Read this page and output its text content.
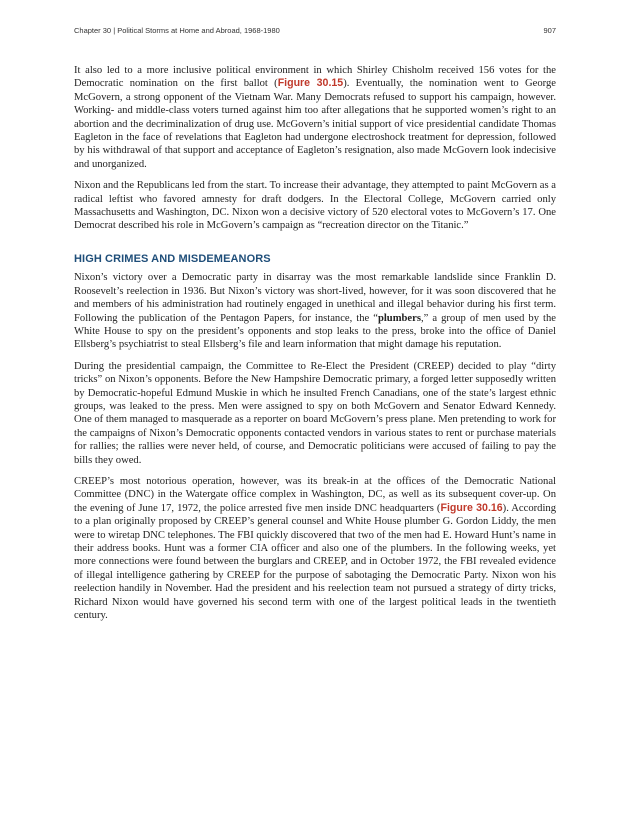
Chapter 30 | Political Storms at Home and Abroad, 1968-1980	907

It also led to a more inclusive political environment in which Shirley Chisholm received 156 votes for the Democratic nomination on the first ballot (Figure 30.15). Eventually, the nomination went to George McGovern, a strong opponent of the Vietnam War. Many Democrats refused to support his campaign, however. Working- and middle-class voters turned against him too after allegations that he supported women’s right to an abortion and the decriminalization of drug use. McGovern’s initial support of vice presidential candidate Thomas Eagleton in the face of revelations that Eagleton had undergone electroshock treatment for depression, followed by his withdrawal of that support and acceptance of Eagleton’s resignation, also made McGovern look indecisive and unorganized.

Nixon and the Republicans led from the start. To increase their advantage, they attempted to paint McGovern as a radical leftist who favored amnesty for draft dodgers. In the Electoral College, McGovern carried only Massachusetts and Washington, DC. Nixon won a decisive victory of 520 electoral votes to McGovern’s 17. One Democrat described his role in McGovern’s campaign as “recreation director on the Titanic.”

HIGH CRIMES AND MISDEMEANORS

Nixon’s victory over a Democratic party in disarray was the most remarkable landslide since Franklin D. Roosevelt’s reelection in 1936. But Nixon’s victory was short-lived, however, for it was soon discovered that he and members of his administration had routinely engaged in unethical and illegal behavior during his first term. Following the publication of the Pentagon Papers, for instance, the “plumbers,” a group of men used by the White House to spy on the president’s opponents and stop leaks to the press, broke into the office of Daniel Ellsberg’s psychiatrist to steal Ellsberg’s file and learn information that might damage his reputation.

During the presidential campaign, the Committee to Re-Elect the President (CREEP) decided to play “dirty tricks” on Nixon’s opponents. Before the New Hampshire Democratic primary, a forged letter supposedly written by Democratic-hopeful Edmund Muskie in which he insulted French Canadians, one of the state’s largest ethnic groups, was leaked to the press. Men were assigned to spy on both McGovern and Senator Edward Kennedy. One of them managed to masquerade as a reporter on board McGovern’s press plane. Men pretending to work for the campaigns of Nixon’s Democratic opponents contacted vendors in various states to rent or purchase materials for rallies; the rallies were never held, of course, and Democratic politicians were accused of failing to pay the bills they owed.

CREEP’s most notorious operation, however, was its break-in at the offices of the Democratic National Committee (DNC) in the Watergate office complex in Washington, DC, as well as its subsequent cover-up. On the evening of June 17, 1972, the police arrested five men inside DNC headquarters (Figure 30.16). According to a plan originally proposed by CREEP’s general counsel and White House plumber G. Gordon Liddy, the men were to wiretap DNC telephones. The FBI quickly discovered that two of the men had E. Howard Hunt’s name in their address books. Hunt was a former CIA officer and also one of the plumbers. In the following weeks, yet more connections were found between the burglars and CREEP, and in October 1972, the FBI revealed evidence of illegal intelligence gathering by CREEP for the purpose of sabotaging the Democratic Party. Nixon won his reelection handily in November. Had the president and his reelection team not pursued a strategy of dirty tricks, Richard Nixon would have governed his second term with one of the largest political leads in the twentieth century.
